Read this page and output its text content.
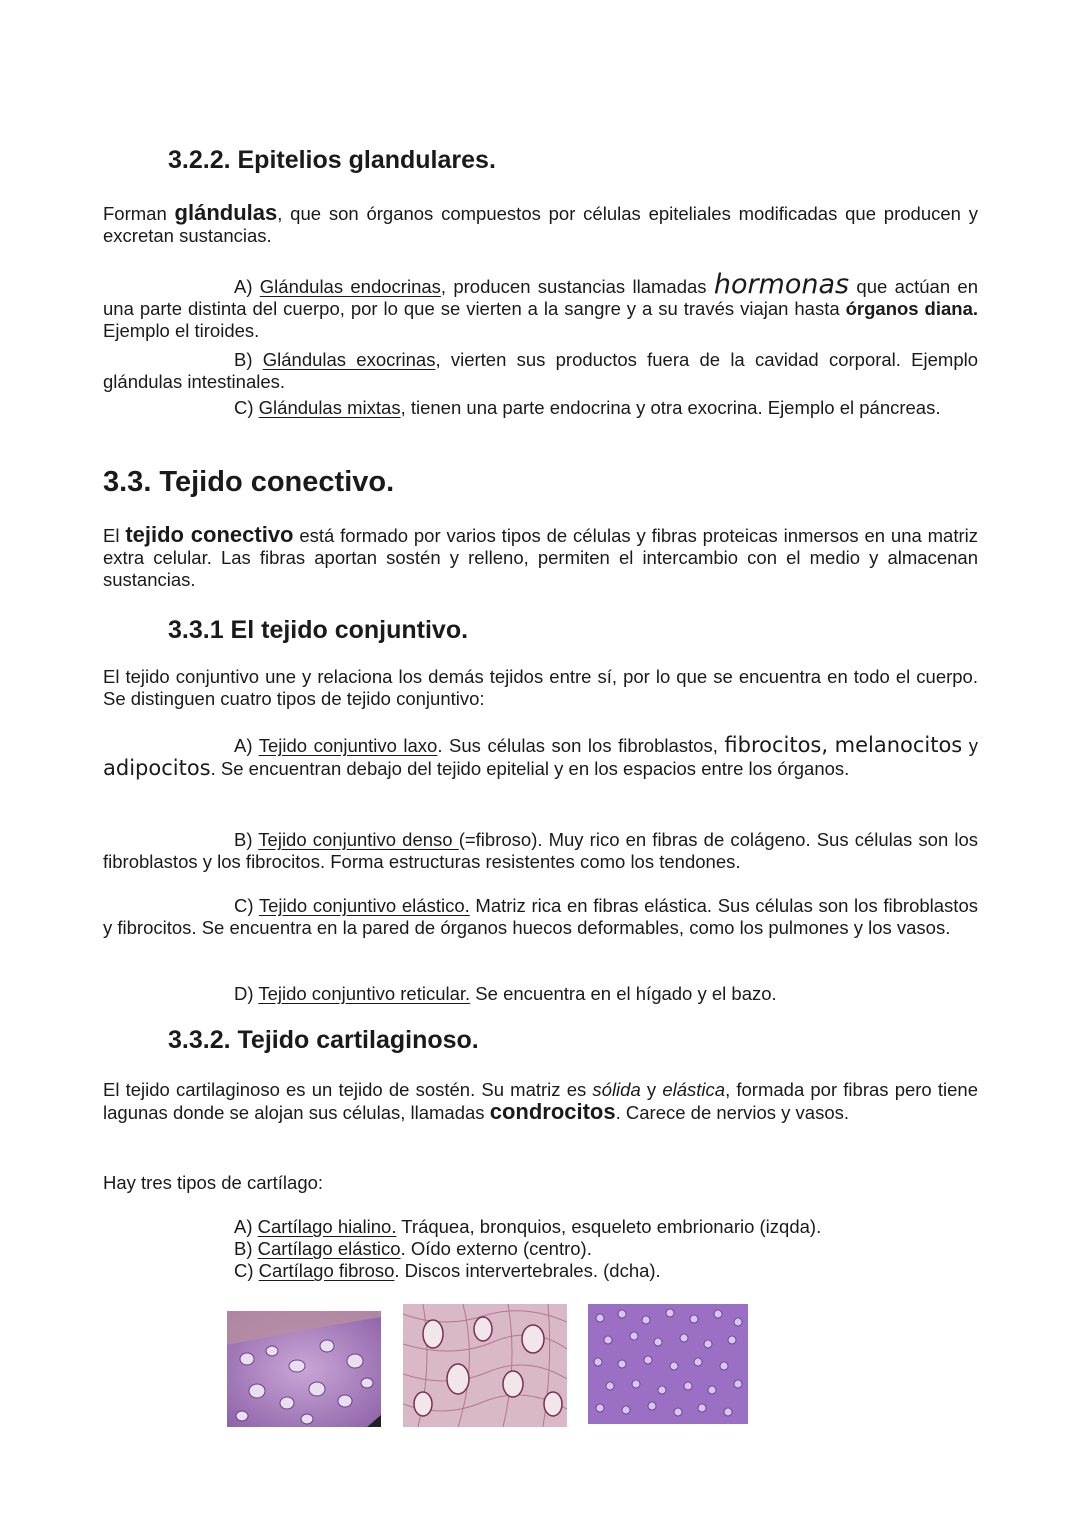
3.2.2. Epitelios glandulares.

Forman glándulas, que son órganos compuestos por células epiteliales modificadas que producen y excretan sustancias.

A) Glándulas endocrinas, producen sustancias llamadas hormonas que actúan en una parte distinta del cuerpo, por lo que se vierten a la sangre y a su través viajan hasta órganos diana. Ejemplo el tiroides.

B) Glándulas exocrinas, vierten sus productos fuera de la cavidad corporal. Ejemplo glándulas intestinales.

C) Glándulas mixtas, tienen una parte endocrina y otra exocrina. Ejemplo el páncreas.

3.3. Tejido conectivo.

El tejido conectivo está formado por varios tipos de células y fibras proteicas inmersos en una matriz extra celular. Las fibras aportan sostén y relleno, permiten el intercambio con el medio y almacenan sustancias.

3.3.1 El tejido conjuntivo.

El tejido conjuntivo une y relaciona los demás tejidos entre sí, por lo que se encuentra en todo el cuerpo. Se distinguen cuatro tipos de tejido conjuntivo:

A) Tejido conjuntivo laxo. Sus células son los fibroblastos, fibrocitos, melanocitos y adipocitos. Se encuentran debajo del tejido epitelial y en los espacios entre los órganos.

B) Tejido conjuntivo denso (=fibroso). Muy rico en fibras de colágeno. Sus células son los fibroblastos y los fibrocitos. Forma estructuras resistentes como los tendones.

C) Tejido conjuntivo elástico. Matriz rica en fibras elástica. Sus células son los fibroblastos y fibrocitos. Se encuentra en la pared de órganos huecos deformables, como los pulmones y los vasos.

D) Tejido conjuntivo reticular. Se encuentra en el hígado y el bazo.

3.3.2. Tejido cartilaginoso.

El tejido cartilaginoso es un tejido de sostén. Su matriz es sólida y elástica, formada por fibras pero tiene lagunas donde se alojan sus células, llamadas condrocitos. Carece de nervios y vasos.

Hay tres tipos de cartílago:

A) Cartílago hialino. Tráquea, bronquios, esqueleto embrionario (izqda).
B) Cartílago elástico. Oído externo (centro).
C) Cartílago fibroso. Discos intervertebrales. (dcha).
